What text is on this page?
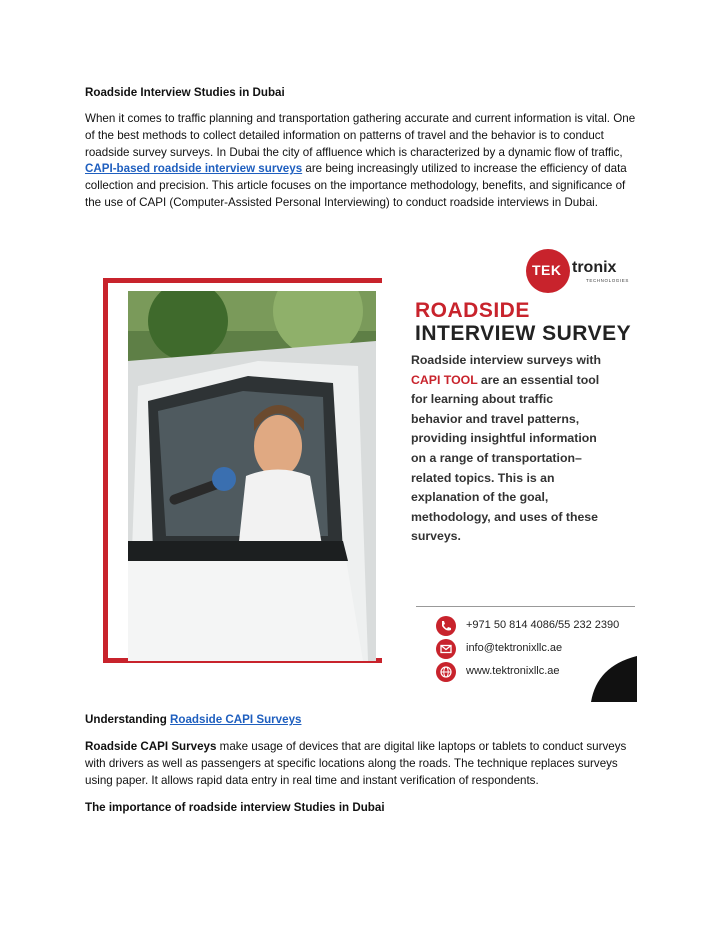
Roadside Interview Studies in Dubai
When it comes to traffic planning and transportation gathering accurate and current information is vital. One of the best methods to collect detailed information on patterns of travel and the behavior is to conduct roadside survey surveys. In Dubai the city of affluence which is characterized by a dynamic flow of traffic, CAPI-based roadside interview surveys are being increasingly utilized to increase the efficiency of data collection and precision. This article focuses on the importance methodology, benefits, and significance of the use of CAPI (Computer-Assisted Personal Interviewing) to conduct roadside interviews in Dubai.
TEK tronix
TECHNOLOGIES
ROADSIDE
INTERVIEW SURVEY
Roadside interview surveys with CAPI TOOL are an essential tool for learning about traffic behavior and travel patterns, providing insightful information on a range of transportation–related topics. This is an explanation of the goal, methodology, and uses of these surveys.
+971 50 814 4086/55 232 2390
info@tektronixllc.ae
www.tektronixllc.ae
Understanding Roadside CAPI Surveys
Roadside CAPI Surveys make usage of devices that are digital like laptops or tablets to conduct surveys with drivers as well as passengers at specific locations along the roads. The technique replaces surveys using paper. It allows rapid data entry in real time and instant verification of respondents.
The importance of roadside interview Studies in Dubai
